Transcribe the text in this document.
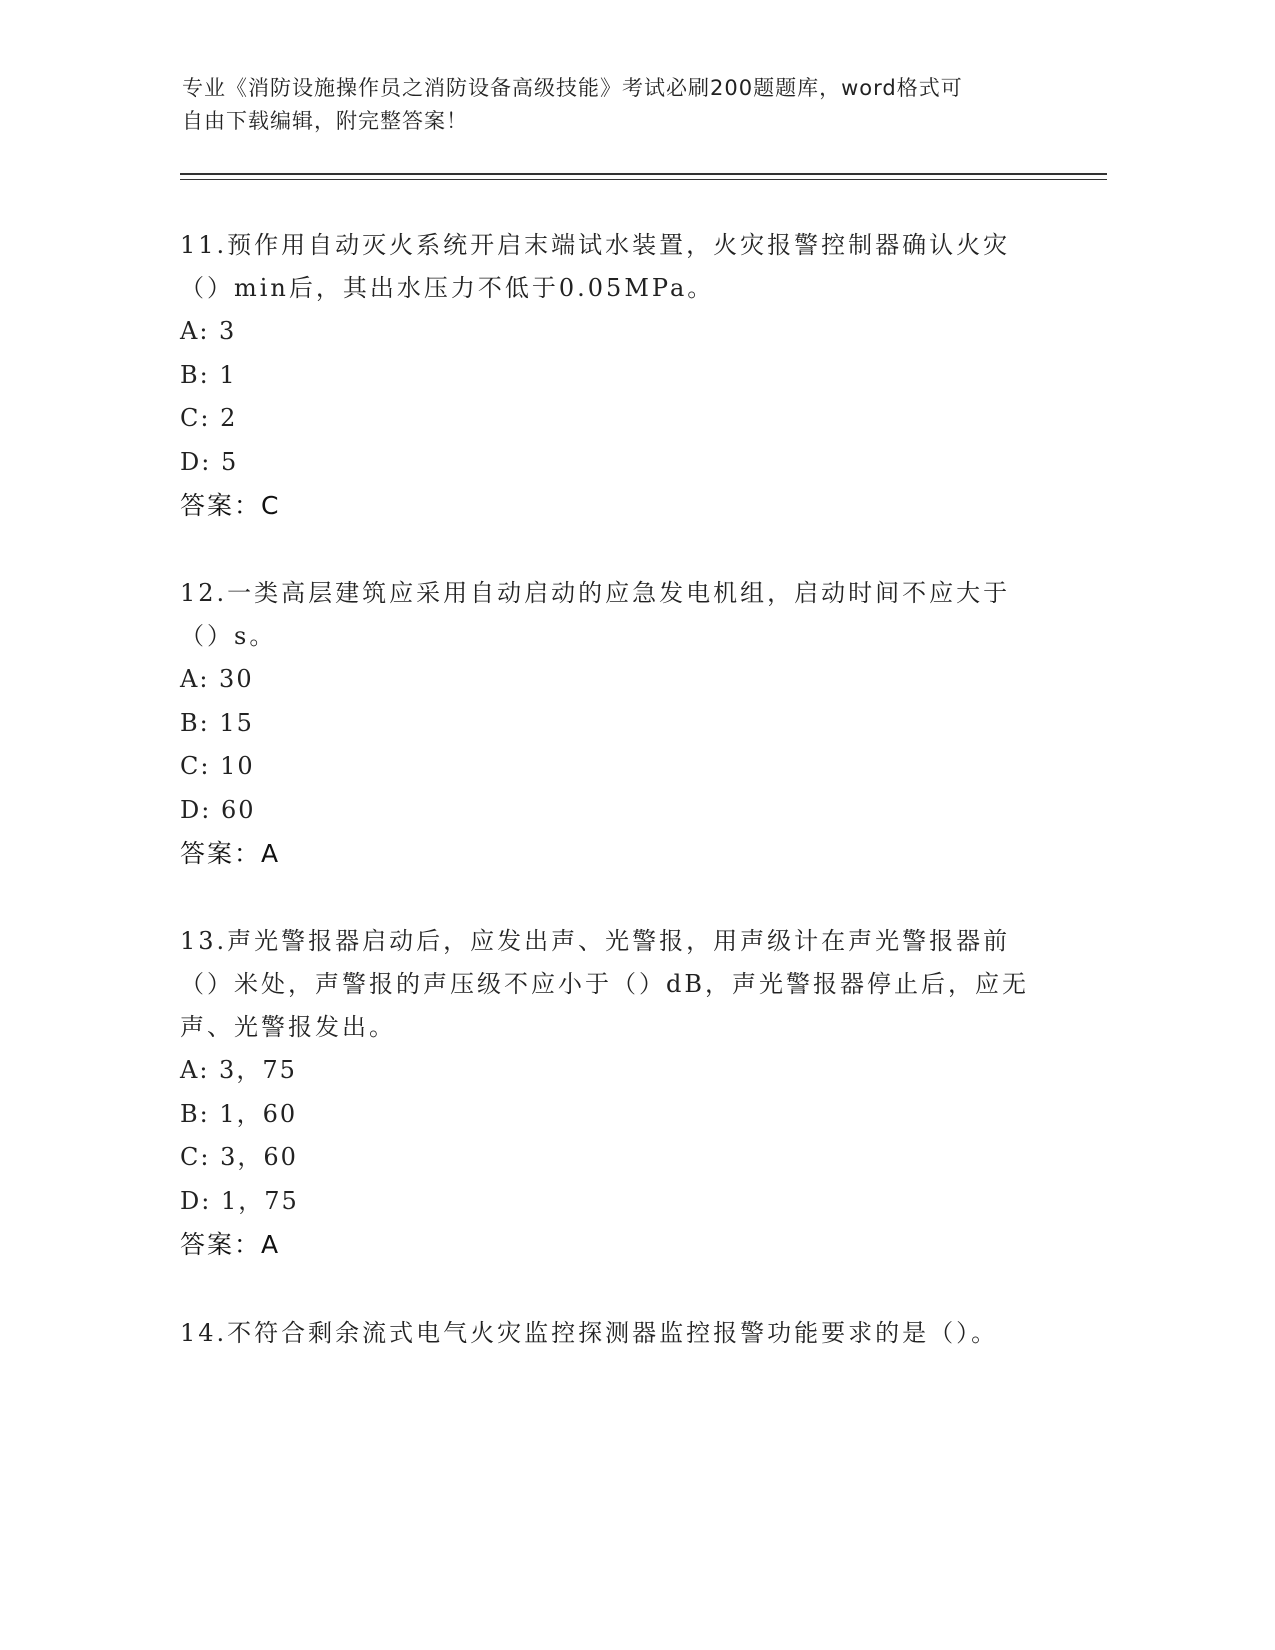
专业《消防设施操作员之消防设备高级技能》考试必刷200题题库，word格式可
自由下载编辑，附完整答案！

11.预作用自动灭火系统开启末端试水装置，火灾报警控制器确认火灾（）min后，其出水压力不低于0.05MPa。

A: 3

B: 1

C: 2

D: 5

答案：C

12.一类高层建筑应采用自动启动的应急发电机组，启动时间不应大于（）s。

A: 30

B: 15

C: 10

D: 60

答案：A

13.声光警报器启动后，应发出声、光警报，用声级计在声光警报器前（）米处，声警报的声压级不应小于（）dB，声光警报器停止后，应无声、光警报发出。

A: 3，75

B: 1，60

C: 3，60

D: 1，75

答案：A

14.不符合剩余流式电气火灾监控探测器监控报警功能要求的是（）。
